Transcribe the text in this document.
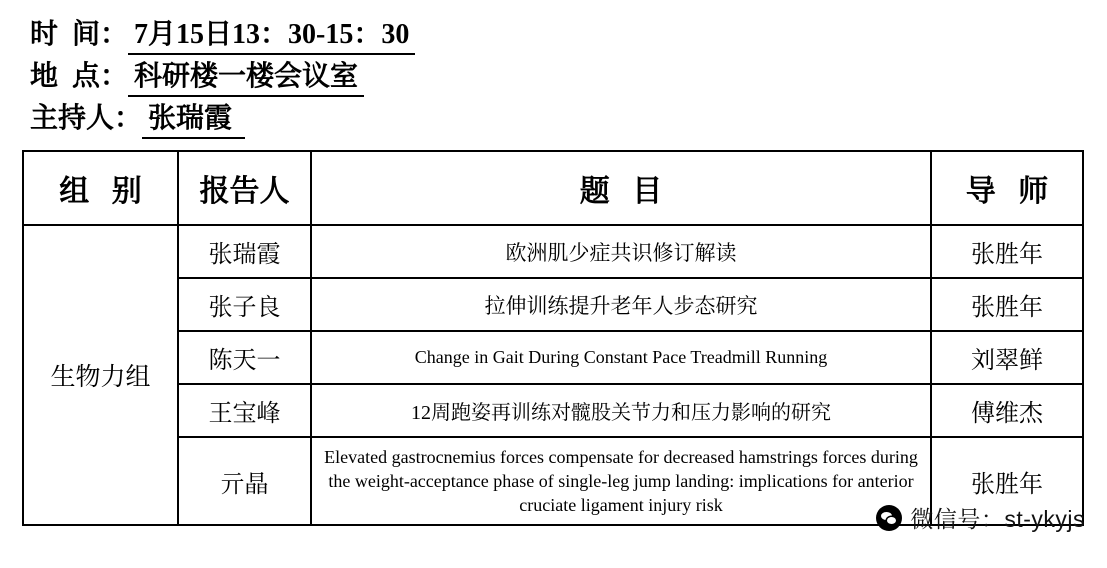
时  间： 7月15日13：30-15：30
地  点： 科研楼一楼会议室
主持人： 张瑞霞
组   别	报告人	题   目	导   师
生物力组	张瑞霞	欧洲肌少症共识修订解读	张胜年
	张子良	拉伸训练提升老年人步态研究	张胜年
	陈天一	Change in Gait During Constant Pace Treadmill Running	刘翠鲜
	王宝峰	12周跑姿再训练对髋股关节力和压力影响的研究	傅维杰
	亓晶	Elevated gastrocnemius forces compensate for decreased hamstrings forces during the weight-acceptance phase of single-leg jump landing: implications for anterior cruciate ligament injury risk	张胜年
微信号：st-ykyjs
